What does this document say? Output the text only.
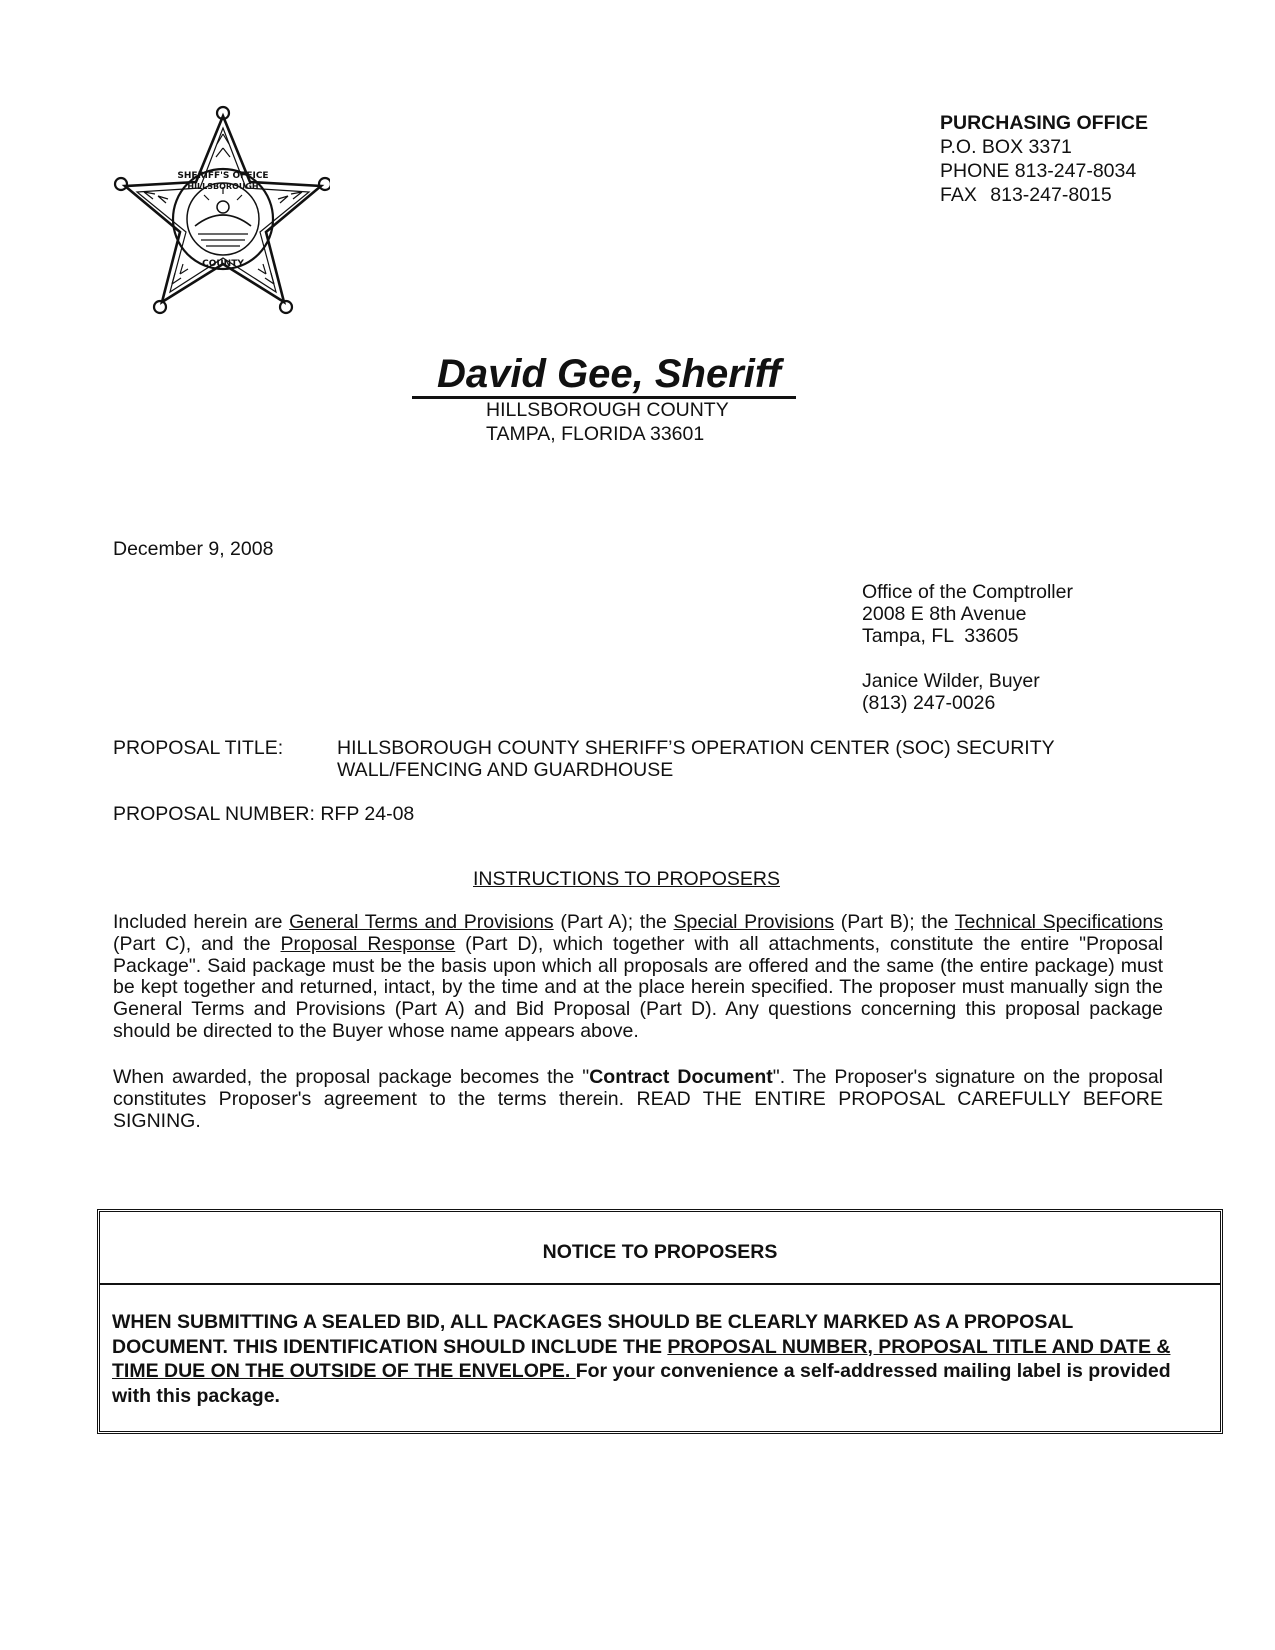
SHERIFF'S OFFICE
HILLSBOROUGH
COUNTY
PURCHASING OFFICE
P.O. BOX 3371
PHONE 813-247-8034
FAX 813-247-8015
David Gee, Sheriff
HILLSBOROUGH COUNTY
TAMPA, FLORIDA 33601
December 9, 2008
Office of the Comptroller
2008 E 8th Avenue
Tampa, FL  33605
Janice Wilder, Buyer
(813) 247-0026
PROPOSAL TITLE:	HILLSBOROUGH COUNTY SHERIFF’S OPERATION CENTER (SOC) SECURITY
WALL/FENCING AND GUARDHOUSE
PROPOSAL NUMBER: RFP 24-08
INSTRUCTIONS TO PROPOSERS
Included herein are General Terms and Provisions (Part A); the Special Provisions (Part B); the Technical Specifications (Part C), and the Proposal Response (Part D), which together with all attachments, constitute the entire "Proposal Package". Said package must be the basis upon which all proposals are offered and the same (the entire package) must be kept together and returned, intact, by the time and at the place herein specified. The proposer must manually sign the General Terms and Provisions (Part A) and Bid Proposal (Part D). Any questions concerning this proposal package should be directed to the Buyer whose name appears above.
When awarded, the proposal package becomes the "Contract Document". The Proposer's signature on the proposal constitutes Proposer's agreement to the terms therein. READ THE ENTIRE PROPOSAL CAREFULLY BEFORE SIGNING.
NOTICE TO PROPOSERS
WHEN SUBMITTING A SEALED BID, ALL PACKAGES SHOULD BE CLEARLY MARKED AS A PROPOSAL DOCUMENT. THIS IDENTIFICATION SHOULD INCLUDE THE PROPOSAL NUMBER, PROPOSAL TITLE AND DATE & TIME DUE ON THE OUTSIDE OF THE ENVELOPE. For your convenience a self-addressed mailing label is provided with this package.
